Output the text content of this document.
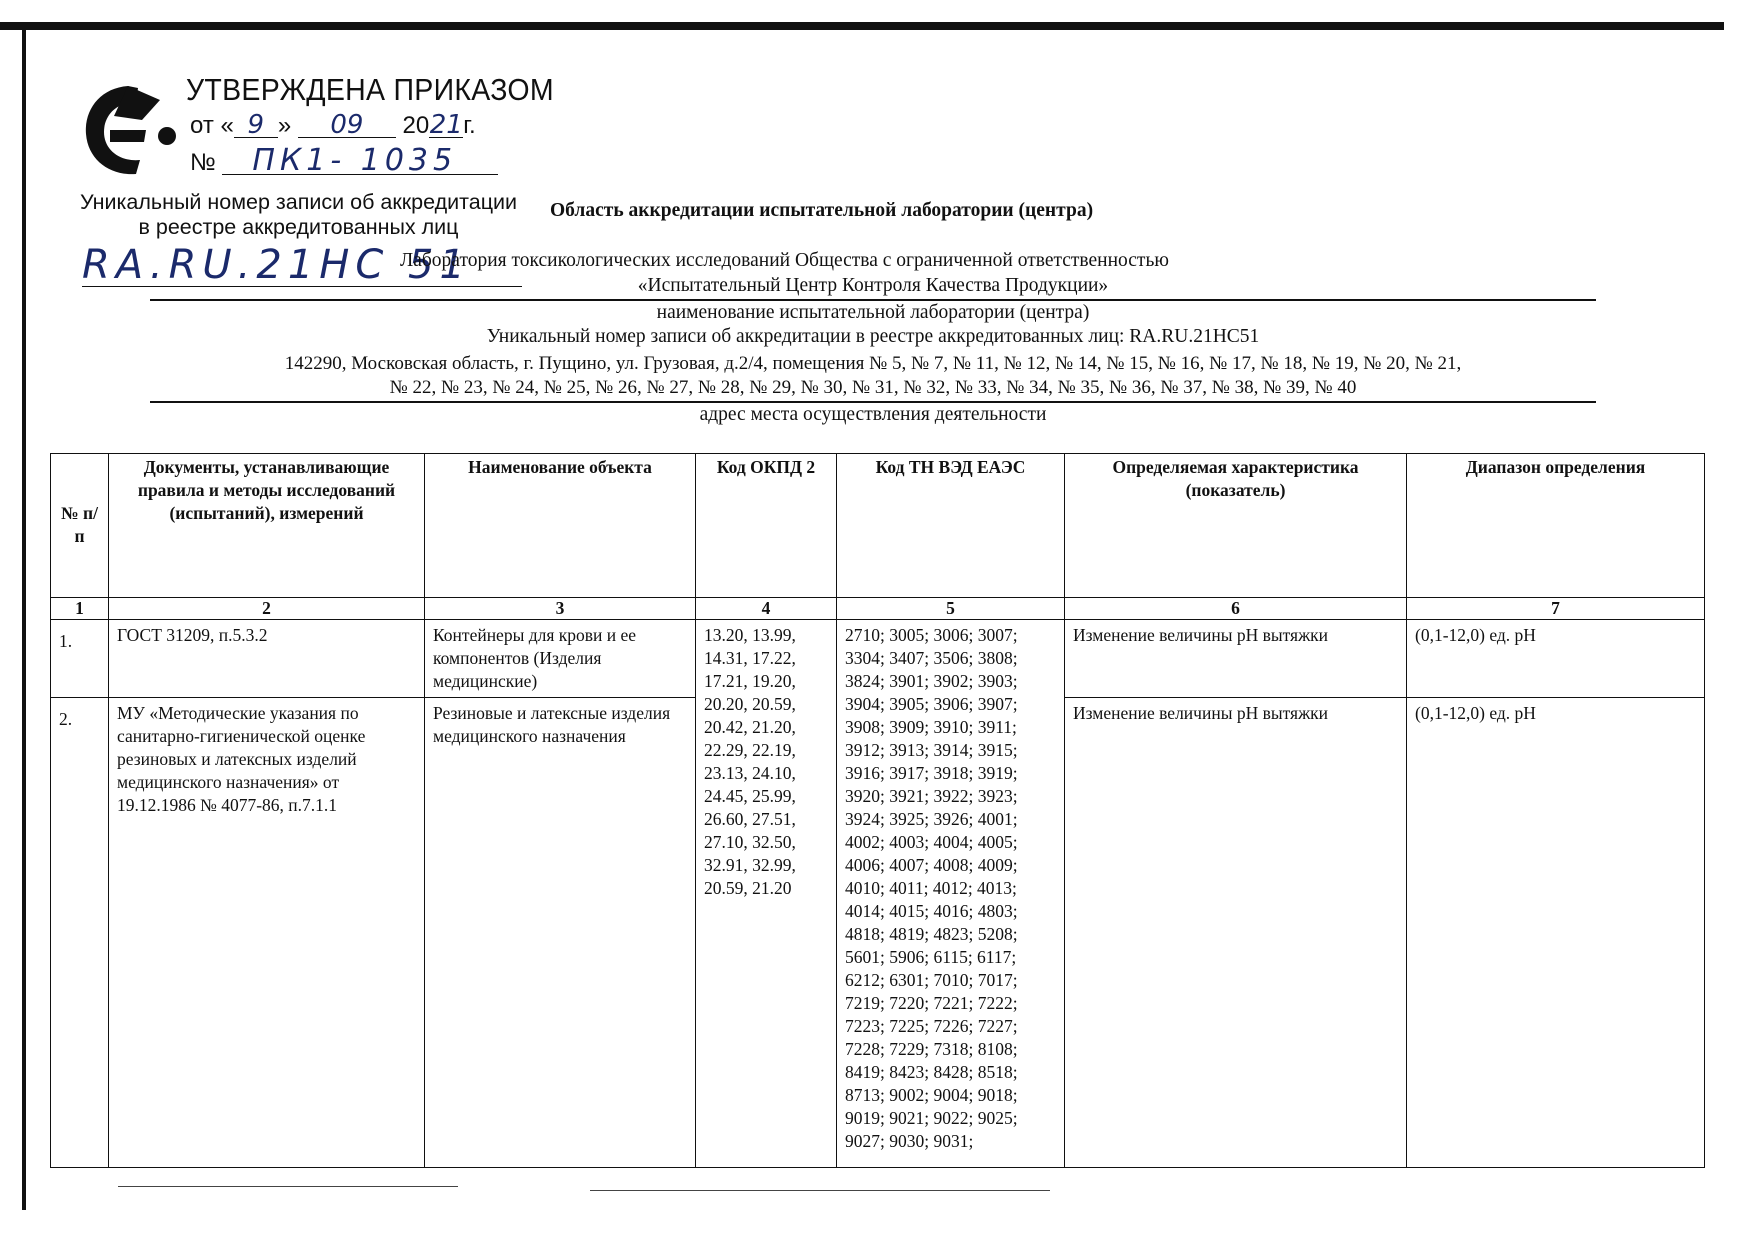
УТВЕРЖДЕНА ПРИКАЗОМ
от « 9 » 09 2021г.
№ ПК1- 1035
Уникальный номер записи об аккредитации в реестре аккредитованных лиц
RA.RU.21НС 51
Область аккредитации испытательной лаборатории (центра)
Лаборатория токсикологических исследований Общества с ограниченной ответственностью
«Испытательный Центр Контроля Качества Продукции»
наименование испытательной лаборатории (центра)
Уникальный номер записи об аккредитации в реестре аккредитованных лиц: RA.RU.21НС51
142290, Московская область, г. Пущино, ул. Грузовая, д.2/4, помещения № 5, № 7, № 11, № 12, № 14, № 15, № 16, № 17, № 18, № 19, № 20, № 21,
№ 22, № 23, № 24, № 25, № 26, № 27, № 28, № 29, № 30, № 31, № 32, № 33, № 34, № 35, № 36, № 37, № 38, № 39, № 40
адрес места осуществления деятельности
№ п/п	Документы, устанавливающие правила и методы исследований (испытаний), измерений	Наименование объекта	Код ОКПД 2	Код ТН ВЭД ЕАЭС	Определяемая характеристика (показатель)	Диапазон определения
1	2	3	4	5	6	7
1.	ГОСТ 31209, п.5.3.2	Контейнеры для крови и ее компонентов (Изделия медицинские)	13.20, 13.99, 14.31, 17.22, 17.21, 19.20, 20.20, 20.59, 20.42, 21.20, 22.29, 22.19, 23.13, 24.10, 24.45, 25.99, 26.60, 27.51, 27.10, 32.50, 32.91, 32.99, 20.59, 21.20	2710; 3005; 3006; 3007; 3304; 3407; 3506; 3808; 3824; 3901; 3902; 3903; 3904; 3905; 3906; 3907; 3908; 3909; 3910; 3911; 3912; 3913; 3914; 3915; 3916; 3917; 3918; 3919; 3920; 3921; 3922; 3923; 3924; 3925; 3926; 4001; 4002; 4003; 4004; 4005; 4006; 4007; 4008; 4009; 4010; 4011; 4012; 4013; 4014; 4015; 4016; 4803; 4818; 4819; 4823; 5208; 5601; 5906; 6115; 6117; 6212; 6301; 7010; 7017; 7219; 7220; 7221; 7222; 7223; 7225; 7226; 7227; 7228; 7229; 7318; 8108; 8419; 8423; 8428; 8518; 8713; 9002; 9004; 9018; 9019; 9021; 9022; 9025; 9027; 9030; 9031;	Изменение величины pH вытяжки	(0,1-12,0) ед. pH
2.	МУ «Методические указания по санитарно-гигиенической оценке резиновых и латексных изделий медицинского назначения» от 19.12.1986 № 4077-86, п.7.1.1	Резиновые и латексные изделия медицинского назначения			Изменение величины pH вытяжки	(0,1-12,0) ед. pH
